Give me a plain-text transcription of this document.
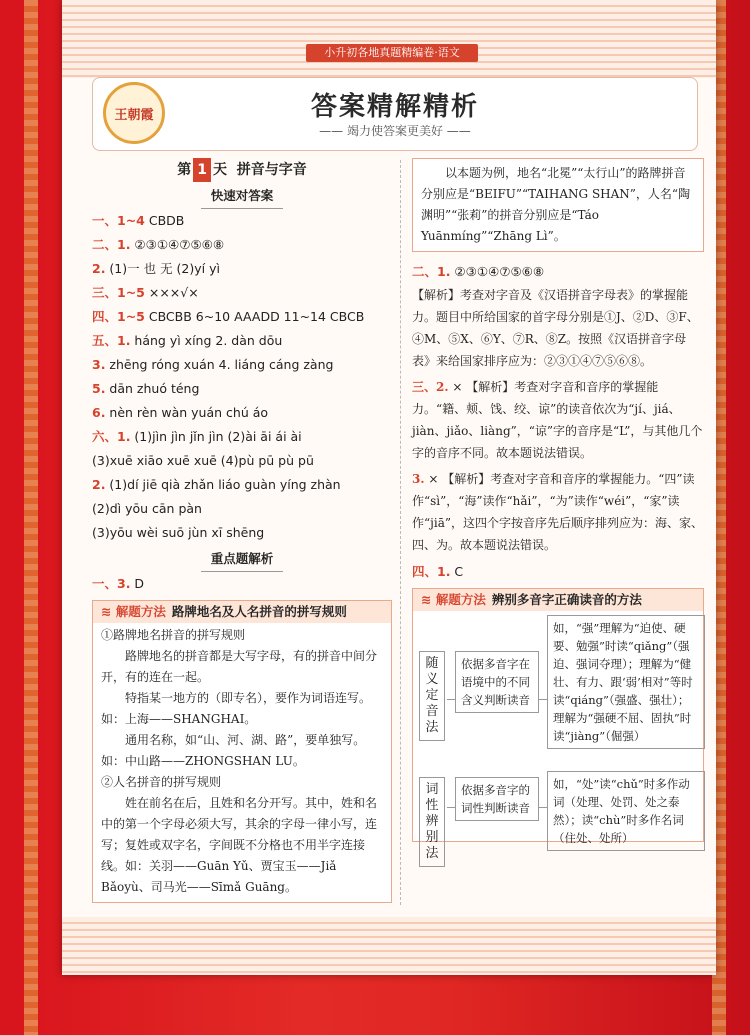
小升初各地真题精编卷·语文
王朝霞	答案精解精析
—— 竭力使答案更美好 ——
第 1 天 拼音与字音
快速对答案
一、1~4 CBDB
二、1. ②③①④⑦⑤⑥⑧
2. (1)一 也 无 (2)yí yì
三、1~5 ×××√×
四、1~5 CBCBB 6~10 AAADD 11~14 CBCB
五、1. háng yì xíng 2. dàn dōu
3. zhēng róng xuán 4. liáng cáng zàng
5. dān zhuó téng
6. nèn rèn wàn yuán chú áo
六、1. (1)jìn jìn jǐn jìn (2)ài āi ái ài
(3)xuē xiāo xuē xuē (4)pù pū pù pū
2. (1)dí jiē qià zhǎn liáo guàn yíng zhàn
(2)dì yōu cān pàn
(3)yōu wèi suō jùn xī shēng
重点题解析
一、3. D
≋ 解题方法 路牌地名及人名拼音的拼写规则

①路牌地名拼音的拼写规则

路牌地名的拼音都是大写字母，有的拼音中间分开，有的连在一起。

特指某一地方的（即专名），要作为词语连写。如：上海——SHANGHAI。

通用名称，如“山、河、湖、路”，要单独写。如：中山路——ZHONGSHAN LU。

②人名拼音的拼写规则

姓在前名在后，且姓和名分开写。其中，姓和名中的第一个字母必须大写，其余的字母一律小写，连写；复姓或双字名，字间既不分格也不用半字连接线。如：关羽——Guān Yǔ、贾宝玉——Jiǎ Bǎoyù、司马光——Sīmǎ Guāng。

以本题为例，地名“北冕”“太行山”的路牌拼音分别应是“BEIFU”“TAIHANG SHAN”，人名“陶渊明”“张莉”的拼音分别应是“Táo Yuānmíng”“Zhāng Lì”。

二、1. ②③①④⑦⑤⑥⑧

【解析】考查对字音及《汉语拼音字母表》的掌握能力。题目中所给国家的首字母分别是①J、②D、③F、④M、⑤X、⑥Y、⑦R、⑧Z。按照《汉语拼音字母表》来给国家排序应为：②③①④⑦⑤⑥⑧。

三、2. × 【解析】考查对字音和音序的掌握能力。“籍、颊、饯、绞、谅”的读音依次为“jí、jiá、jiàn、jiǎo、liàng”，“谅”字的音序是“L”，与其他几个字的音序不同。故本题说法错误。

3. × 【解析】考查对字音和音序的掌握能力。“四”读作“sì”，“海”读作“hǎi”，“为”读作“wéi”，“家”读作“jiā”，这四个字按音序先后顺序排列应为：海、家、四、为。故本题说法错误。

四、1. C
≋ 解题方法 辨别多音字正确读音的方法
随义定音法
依据多音字在语境中的不同含义判断读音
如，“强”理解为“迫使、硬要、勉强”时读“qiǎng”（强迫、强词夺理）；理解为“健壮、有力、跟‘弱’相对”等时读“qiáng”（强盛、强壮）；理解为“强硬不屈、固执”时读“jiàng”（倔强）
词性辨别法
依据多音字的词性判断读音
如，“处”读“chǔ”时多作动词（处理、处罚、处之泰然）；读“chù”时多作名词（住处、处所）
